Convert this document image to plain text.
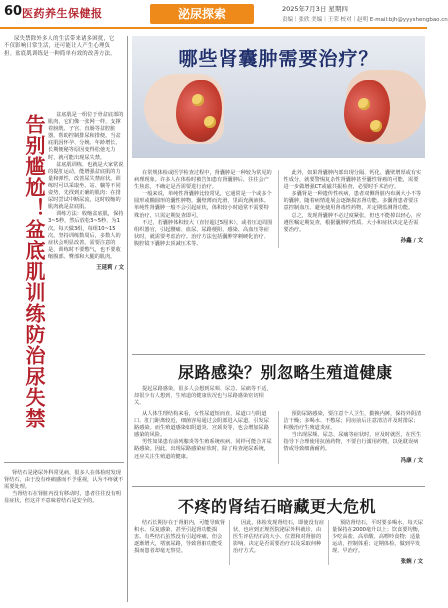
60 医药养生保健报	泌尿探索	2025年7月3日 星期四
责编｜张欣 美编｜王荣 校对｜赵明 E-mail:bjh@yyyshengbao.cn

尿失禁除外多人的生活带来诸多困扰，它不仅影响日常生活，还可能让人产生心理负担。盆底肌训练是一种简单有效的改善方法。

告别尴尬！盆底肌训练防治尿失禁	盆底肌是一组位于骨盆底部的肌肉，它们像一张网一样，支撑着膀胱、子宫、直肠等盆腔脏器，帮助控制排尿和排便。当盆底肌因怀孕、分娩、年龄增长、长期便秘等原因变得松弛无力时，就可能出现尿失禁。

盆底肌训练，也就是大家常说的提肛运动，能增强盆底肌的力量和弹性，改善尿失禁症状。训练时可以采取坐、站、躺等不同姿势，先找到正确的肌肉：在排尿时尝试中断尿流，这时收缩的肌肉就是盆底肌。

训练方法：收缩盆底肌，保持3~5秒，然后放松3~5秒，为1次。每天做3组，每组10~15次。坚持训练数周后，多数人的症状会明显改善。需要注意的是，训练时不要憋气，也不要收缩腹部、臀部和大腿的肌肉。

王延莉 / 文

哪些肾囊肿需要治疗？

在常规体检或医学检查过程中，肾囊肿是一种较为常见的病理现象。许多人在体检时被告知患有肾囊肿后，往往会产生焦虑，不确定是否需要进行治疗。

一般来说，单纯性肾囊肿比较常见，它通常是一个或多个圆形或椭圆形的囊性肿物，囊壁薄而光滑，里面充满液体。单纯性肾囊肿一般不会引起症状，体积较小时通常不需要特殊治疗，只需定期复查即可。

不过，若囊肿体积较大（直径超过5厘米），或者压迫周围组织器官，引起腰痛、血尿、尿路梗阻、感染、高血压等症状时，就需要考虑治疗。治疗方法包括囊肿穿刺硬化治疗、腹腔镜下囊肿去顶减压术等。

此外，如果肾囊肿内部出现分隔、钙化、囊壁增厚或有实性成分，就要警惕复杂性肾囊肿甚至囊性肾癌的可能，需要进一步做增强CT或磁共振检查，必要时手术治疗。

多囊肾是一种遗传性疾病，患者双侧肾脏内布满大小不等的囊肿，随着病情进展会逐渐损害肾功能。多囊肾患者要注意控制血压、避免使用肾毒性药物，并定期监测肾功能。

总之，发现肾囊肿不必过度紧张，但也不能掉以轻心，应遵医嘱定期复查，根据囊肿的性质、大小和症状决定是否需要治疗。

孙鑫 / 文

尿路感染？别忽略生殖道健康

提起尿路感染，很多人会想到尿频、尿急、尿痛等不适，却很少有人想到，生殖道的健康状况也与尿路感染密切相关。

从人体生理结构来看，女性尿道短而直，尿道口与阴道口、肛门距离较近，细菌容易通过会阴部进入尿道，引发尿路感染。而生殖道感染如阴道炎、宫颈炎等，也会增加尿路感染的风险。

男性如果患有前列腺炎等生殖系统疾病，同样可能合并尿路感染。因此，出现尿路感染症状时，除了检查泌尿系统，还应关注生殖道的健康。

预防尿路感染，要注意个人卫生，勤换内裤，保持外阴清洁干燥；多喝水、不憋尿；同房前后注意清洁并及时排尿；积极治疗生殖道炎症。

当出现尿频、尿急、尿痛等症状时，应及时就医，在医生指导下合理使用抗菌药物，不要自行滥用药物，以免耽误病情或导致细菌耐药。

冯康 / 文

肾结石是泌尿外科常见病，很多人在体检时发现肾结石，由于没有疼痛感而不予重视，认为不疼就不需要处理。

当肾结石在肾脏内没有移动时，患者往往没有明显症状，但这并不意味着结石是安全的。	不疼的肾结石暗藏更大危机

结石长期存在于肾脏内，可能导致肾积水、反复感染，甚至引起肾功能损害。有些结石虽然没有引起疼痛，但会逐渐增大，堵塞尿路，导致肾脏功能受损而患者却毫无察觉。

因此，体检发现肾结石，即使没有症状，也应到正规医院泌尿外科就诊，由医生评估结石的大小、位置和对肾脏的影响，决定是否需要治疗以及采取何种治疗方式。

预防肾结石，平时要多喝水，每天尿量保持在2000毫升以上；饮食要均衡，少吃高盐、高草酸、高嘌呤食物；适量运动，控制体重；定期体检，做到早发现、早治疗。

张婉 / 文
